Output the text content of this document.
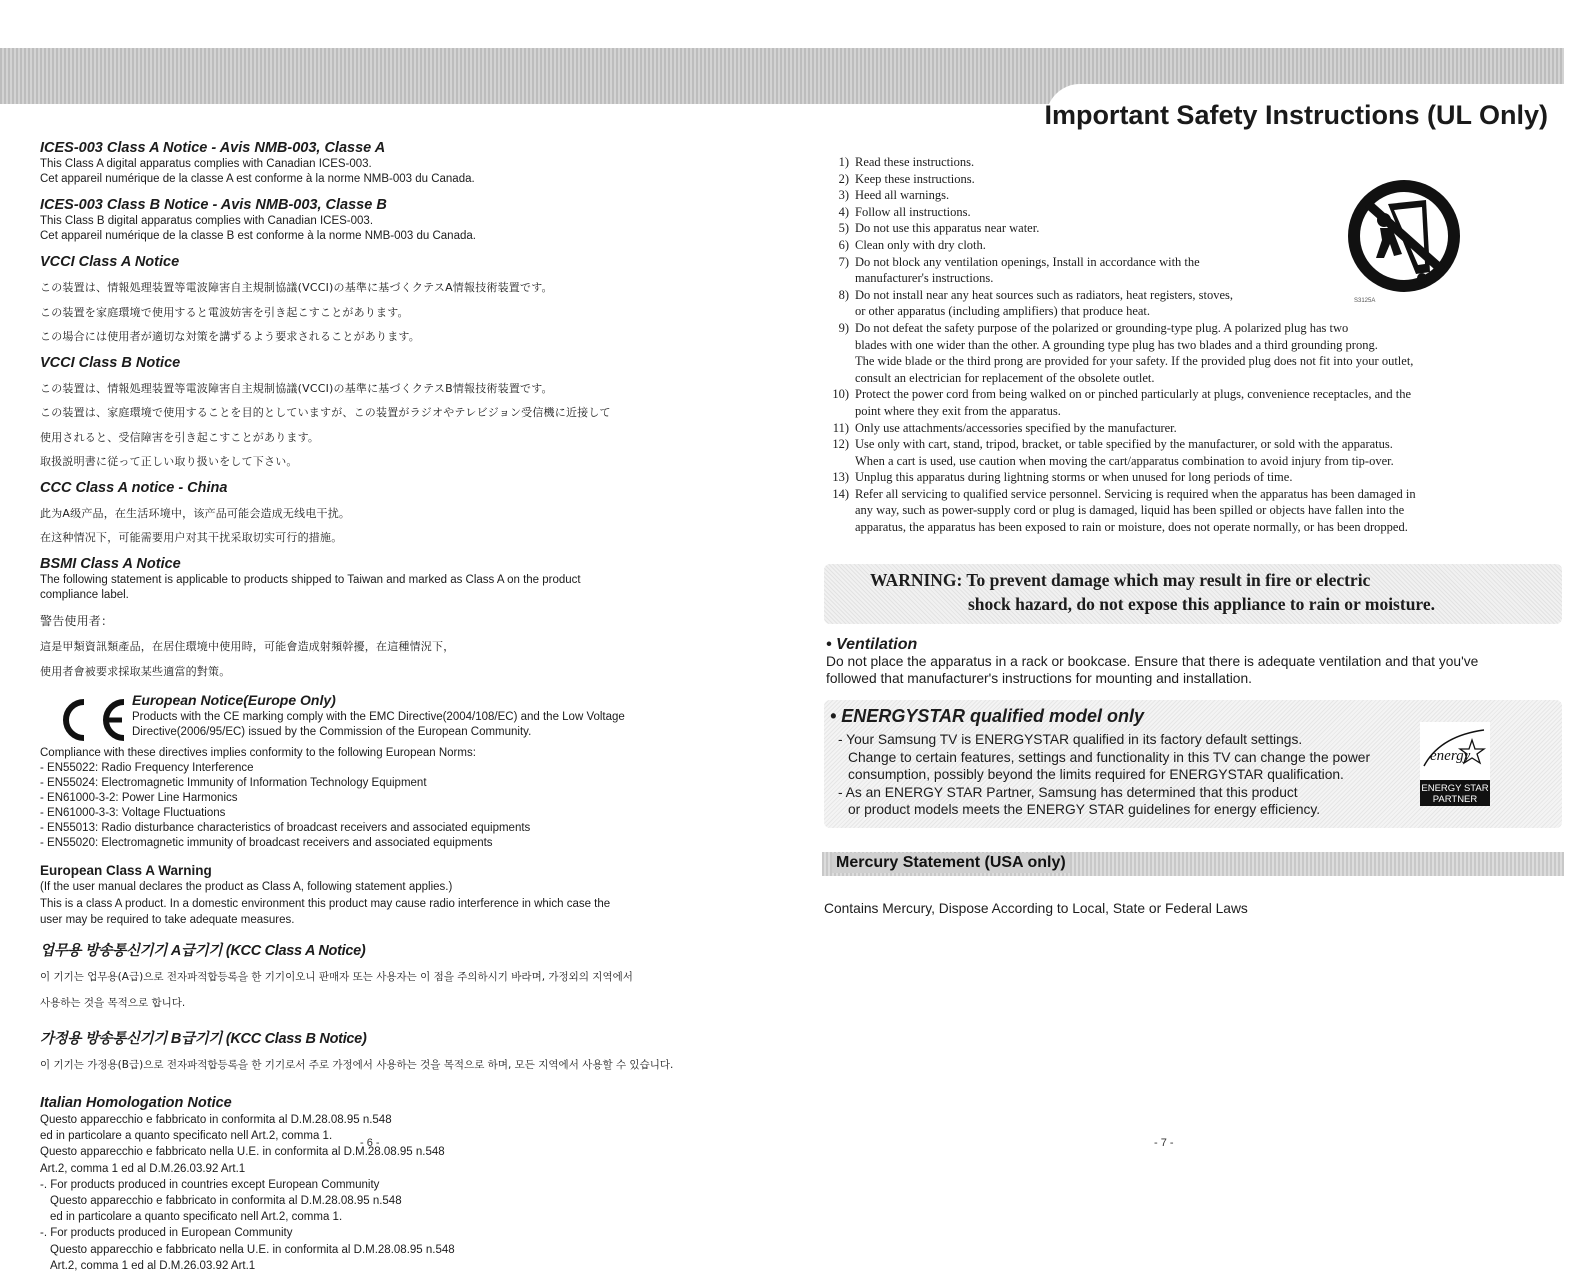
Important Safety Instructions (UL Only)
ICES-003 Class A Notice - Avis NMB-003, Classe A

This Class A digital apparatus complies with Canadian ICES-003.

Cet appareil numérique de la classe A est conforme à la norme NMB-003 du Canada.

ICES-003 Class B Notice - Avis NMB-003, Classe B

This Class B digital apparatus complies with Canadian ICES-003.

Cet appareil numérique de la classe B est conforme à la norme NMB-003 du Canada.

VCCI Class A Notice

この装置は、情報処理装置等電波障害自主規制協議(VCCI)の基準に基づくクテスA情報技術装置です。

この装置を家庭環境で使用すると電波妨害を引き起こすことがあります。

この場合には使用者が適切な対策を講ずるよう要求されることがあります。

VCCI Class B Notice

この装置は、情報処理装置等電波障害自主規制協議(VCCI)の基準に基づくクテスB情報技術装置です。

この装置は、家庭環境で使用することを目的としていますが、この装置がラジオやテレビジョン受信機に近接して

使用されると、受信障害を引き起こすことがあります。

取扱説明書に従って正しい取り扱いをして下さい。

CCC Class A notice - China

此为A级产品，在生活环境中，该产品可能会造成无线电干扰。

在这种情况下，可能需要用户对其干扰采取切实可行的措施。

BSMI Class A Notice

The following statement is applicable to products shipped to Taiwan and marked as Class A on the product

compliance label.

警告使用者：

這是甲類資訊類產品，在居住環境中使用時，可能會造成射頻幹擾，在這種情況下，

使用者會被要求採取某些適當的對策。

European Notice(Europe Only)

Products with the CE marking comply with the EMC Directive(2004/108/EC) and the Low Voltage

Directive(2006/95/EC) issued by the Commission of the European Community.

Compliance with these directives implies conformity to the following European Norms:

- EN55022: Radio Frequency Interference

- EN55024: Electromagnetic Immunity of Information Technology Equipment

- EN61000-3-2: Power Line Harmonics

- EN61000-3-3: Voltage Fluctuations

- EN55013: Radio disturbance characteristics of broadcast receivers and associated equipments

- EN55020: Electromagnetic immunity of broadcast receivers and associated equipments

European Class A Warning

(If the user manual declares the product as Class A, following statement applies.)

This is a class A product. In a domestic environment this product may cause radio interference in which case the

user may be required to take adequate measures.

업무용 방송통신기기 A급기기 (KCC Class A Notice)

이 기기는 업무용(A급)으로 전자파적합등록을 한 기기이오니 판매자 또는 사용자는 이 점을 주의하시기 바라며, 가정외의 지역에서

사용하는 것을 목적으로 합니다.

가정용 방송통신기기 B급기기 (KCC Class B Notice)

이 기기는 가정용(B급)으로 전자파적합등록을 한 기기로서 주로 가정에서 사용하는 것을 목적으로 하며, 모든 지역에서 사용할 수 있습니다.

Italian Homologation Notice

Questo apparecchio e fabbricato in conformita al D.M.28.08.95 n.548

ed in particolare a quanto specificato nell Art.2, comma 1.

Questo apparecchio e fabbricato nella U.E. in conformita al D.M.28.08.95 n.548

Art.2, comma 1 ed al D.M.26.03.92 Art.1

-. For products produced in countries except European Community

Questo apparecchio e fabbricato in conformita al D.M.28.08.95 n.548

ed in particolare a quanto specificato nell Art.2, comma 1.

-. For products produced in European Community

Questo apparecchio e fabbricato nella U.E. in conformita al D.M.28.08.95 n.548

Art.2, comma 1 ed al D.M.26.03.92 Art.1

- 6 -
1) Read these instructions.
2) Keep these instructions.
3) Heed all warnings.
4) Follow all instructions.
5) Do not use this apparatus near water.
6) Clean only with dry cloth.
7) Do not block any ventilation openings, Install in accordance with the
manufacturer's instructions.
8) Do not install near any heat sources such as radiators, heat registers, stoves,
or other apparatus (including amplifiers) that produce heat.
9) Do not defeat the safety purpose of the polarized or grounding-type plug. A polarized plug has two
blades with one wider than the other. A grounding type plug has two blades and a third grounding prong.
The wide blade or the third prong are provided for your safety. If the provided plug does not fit into your outlet,
consult an electrician for replacement of the obsolete outlet.
10) Protect the power cord from being walked on or pinched particularly at plugs, convenience receptacles, and the
point where they exit from the apparatus.
11) Only use attachments/accessories specified by the manufacturer.
12) Use only with cart, stand, tripod, bracket, or table specified by the manufacturer, or sold with the apparatus.
When a cart is used, use caution when moving the cart/apparatus combination to avoid injury from tip-over.
13) Unplug this apparatus during lightning storms or when unused for long periods of time.
14) Refer all servicing to qualified service personnel. Servicing is required when the apparatus has been damaged in
any way, such as power-supply cord or plug is damaged, liquid has been spilled or objects have fallen into the
apparatus, the apparatus has been exposed to rain or moisture, does not operate normally, or has been dropped.
S3125A
WARNING: To prevent damage which may result in fire or electric
shock hazard, do not expose this appliance to rain or moisture.
• Ventilation

Do not place the apparatus in a rack or bookcase. Ensure that there is adequate ventilation and that you've

followed that manufacturer's instructions for mounting and installation.

• ENERGYSTAR qualified model only
- Your Samsung TV is ENERGYSTAR qualified in its factory default settings.
Change to certain features, settings and functionality in this TV can change the power
consumption, possibly beyond the limits required for ENERGYSTAR qualification.
- As an ENERGY STAR Partner, Samsung has determined that this product
or product models meets the ENERGY STAR guidelines for energy efficiency.
energy
ENERGY STAR
PARTNER
Mercury Statement (USA only)
Contains Mercury, Dispose According to Local, State or Federal Laws
- 7 -
